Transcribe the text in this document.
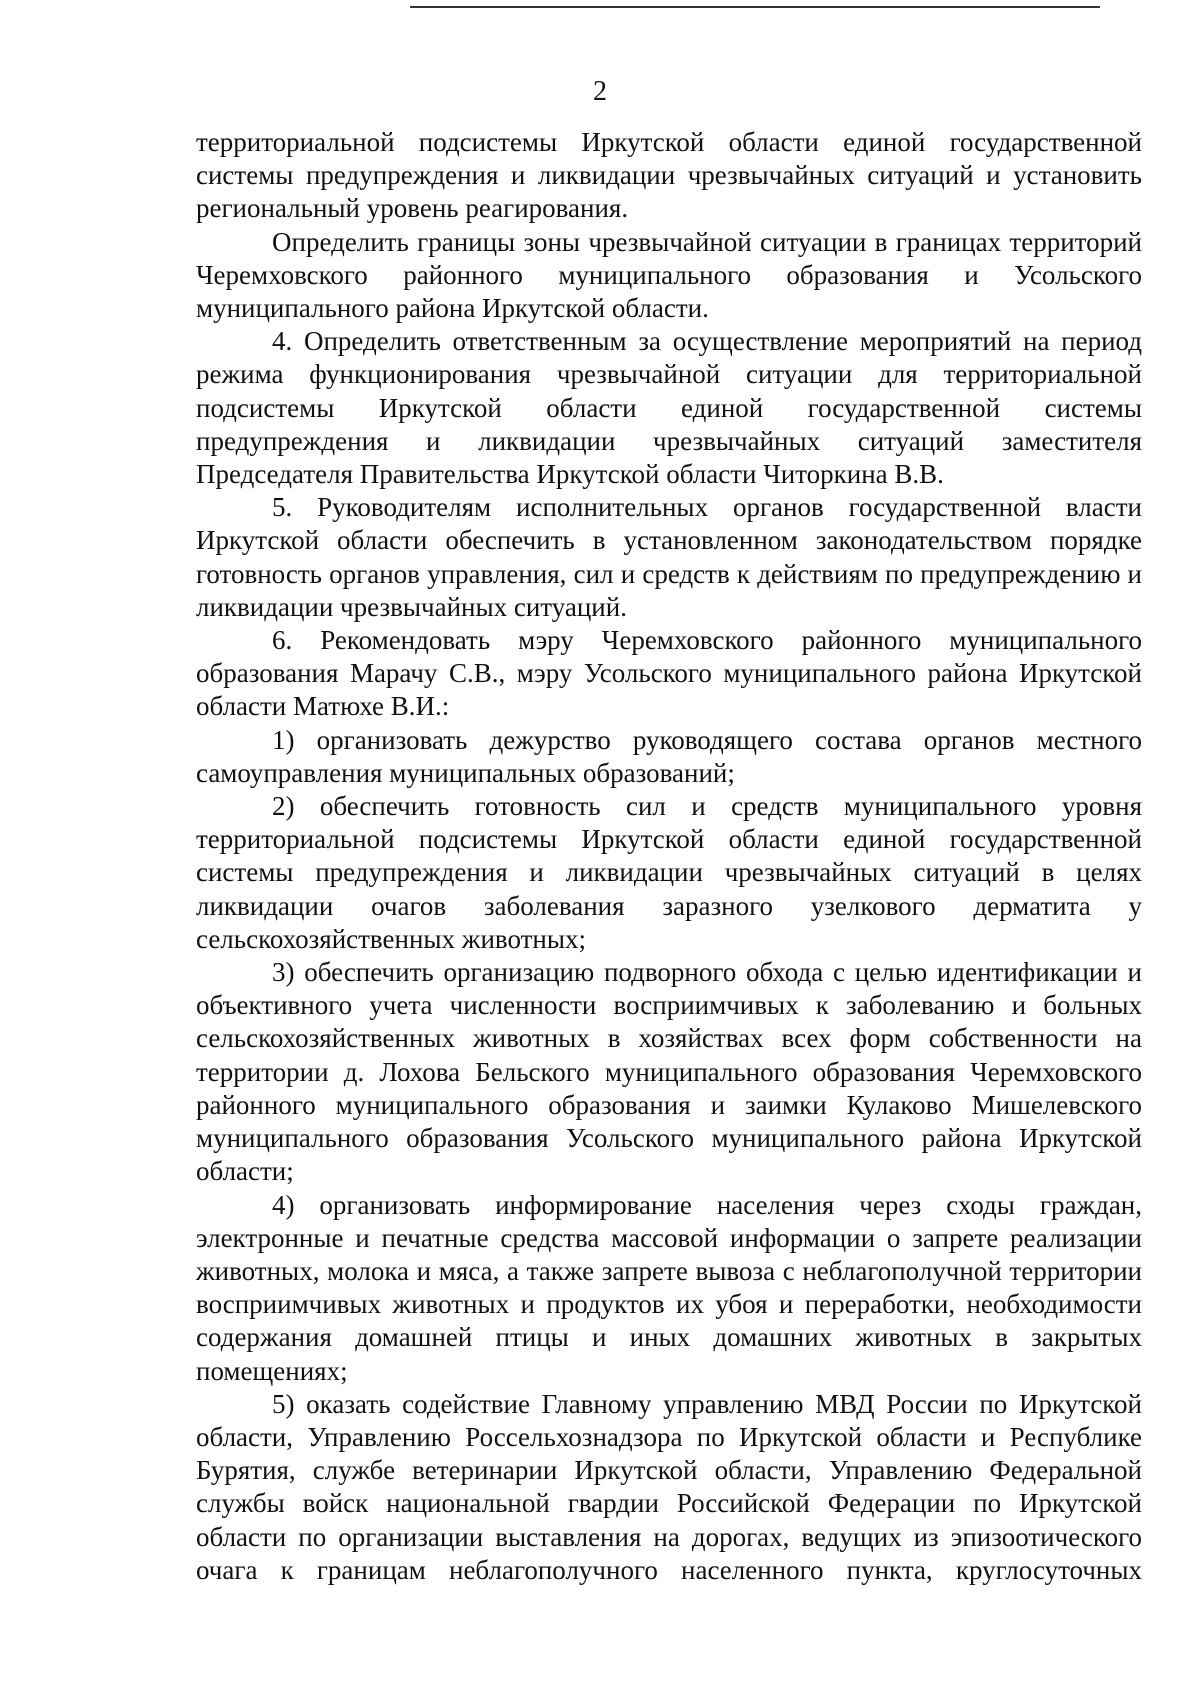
2

территориальной подсистемы Иркутской области единой государственной системы предупреждения и ликвидации чрезвычайных ситуаций и установить региональный уровень реагирования.

Определить границы зоны чрезвычайной ситуации в границах территорий Черемховского районного муниципального образования и Усольского муниципального района Иркутской области.

4. Определить ответственным за осуществление мероприятий на период режима функционирования чрезвычайной ситуации для территориальной подсистемы Иркутской области единой государственной системы предупреждения и ликвидации чрезвычайных ситуаций заместителя Председателя Правительства Иркутской области Читоркина В.В.

5. Руководителям исполнительных органов государственной власти Иркутской области обеспечить в установленном законодательством порядке готовность органов управления, сил и средств к действиям по предупреждению и ликвидации чрезвычайных ситуаций.

6. Рекомендовать мэру Черемховского районного муниципального образования Марачу С.В., мэру Усольского муниципального района Иркутской области Матюхе В.И.:

1) организовать дежурство руководящего состава органов местного самоуправления муниципальных образований;

2) обеспечить готовность сил и средств муниципального уровня территориальной подсистемы Иркутской области единой государственной системы предупреждения и ликвидации чрезвычайных ситуаций в целях ликвидации очагов заболевания заразного узелкового дерматита у сельскохозяйственных животных;

3) обеспечить организацию подворного обхода с целью идентификации и объективного учета численности восприимчивых к заболеванию и больных сельскохозяйственных животных в хозяйствах всех форм собственности на территории д. Лохова Бельского муниципального образования Черемховского районного муниципального образования и заимки Кулаково Мишелевского муниципального образования Усольского муниципального района Иркутской области;

4) организовать информирование населения через сходы граждан, электронные и печатные средства массовой информации о запрете реализации животных, молока и мяса, а также запрете вывоза с неблагополучной территории восприимчивых животных и продуктов их убоя и переработки, необходимости содержания домашней птицы и иных домашних животных в закрытых помещениях;

5) оказать содействие Главному управлению МВД России по Иркутской области, Управлению Россельхознадзора по Иркутской области и Республике Бурятия, службе ветеринарии Иркутской области, Управлению Федеральной службы войск национальной гвардии Российской Федерации по Иркутской области по организации выставления на дорогах, ведущих из эпизоотического очага к границам неблагополучного населенного пункта, круглосуточных
